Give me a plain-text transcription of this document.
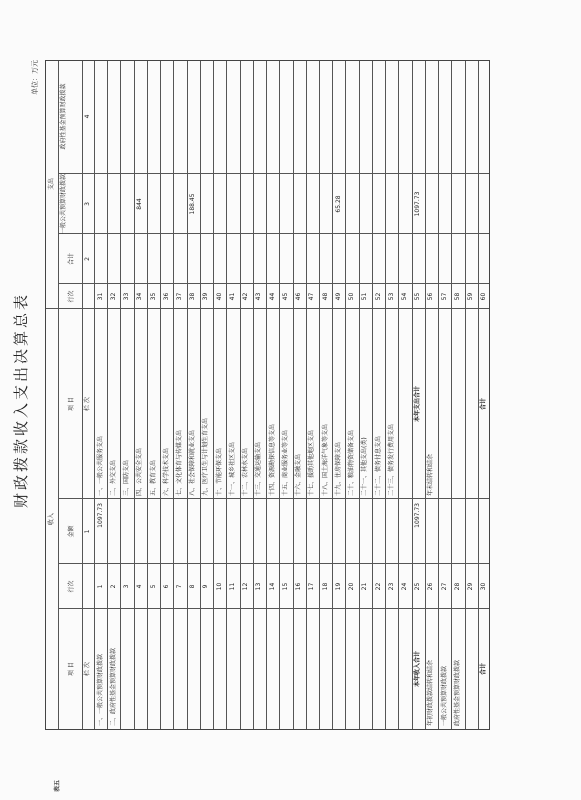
财政拨款收入支出决算总表
单位：万元
表五
收入
支出
项 目
行次
金额
项 目
行次
合计
一般公共预算财政拨款
政府性基金预算财政拨款
栏 次
1
栏 次
2
3
4
一、一般公共预算财政拨款
1
1097.73
一、一般公共服务支出
31
二、政府性基金预算财政拨款
2
二、外交支出
32
3
三、国防支出
33
4
四、公共安全支出
34
844
5
五、教育支出
35
6
六、科学技术支出
36
7
七、文化体育与传媒支出
37
8
八、社会保障和就业支出
38
188.45
9
九、医疗卫生与计划生育支出
39
10
十、节能环保支出
40
11
十一、城乡社区支出
41
12
十二、农林水支出
42
13
十三、交通运输支出
43
14
十四、资源勘探信息等支出
44
15
十五、商业服务业等支出
45
16
十六、金融支出
46
17
十七、援助其他地区支出
47
18
十八、国土海洋气象等支出
48
19
十九、住房保障支出
49
65.28
20
二十、粮油物资储备支出
50
21
二十一、其他支出(类)
51
22
二十二、债务付息支出
52
23
二十三、债务发行费用支出
53
24
54
本年收入合计
25
1097.73
本年支出合计
55
1097.73
年初财政拨款结转和结余
26
年末结转和结余
56
一般公共预算财政拨款
27
57
政府性基金预算财政拨款
28
58
29
59
合计
30
合计
60
